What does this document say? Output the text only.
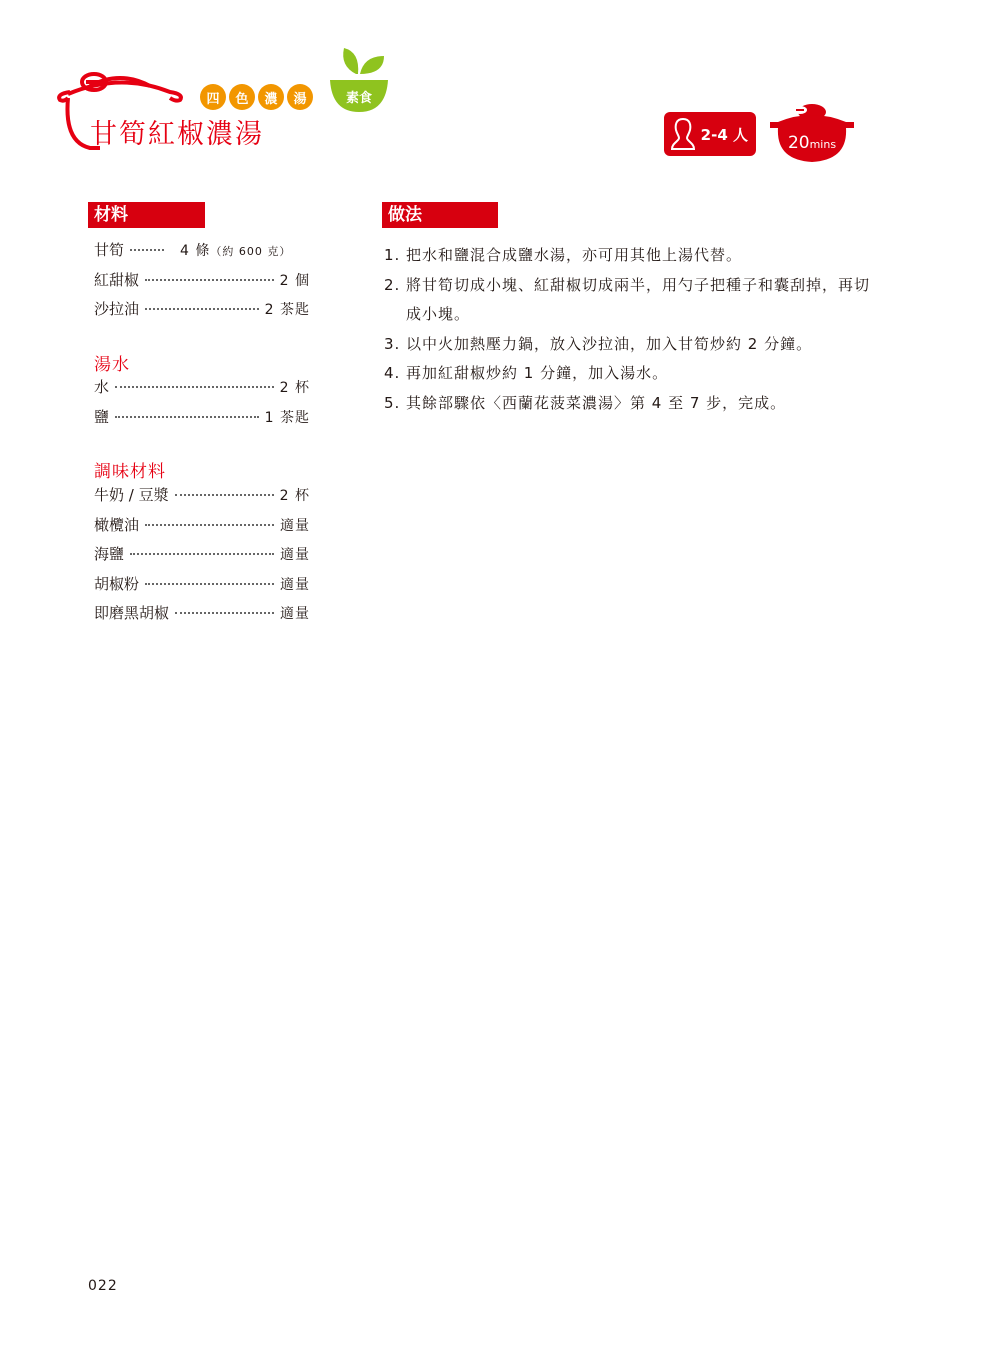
四	色	濃	湯	素食
甘筍紅椒濃湯	2-4 人	20mins
材料	做法
甘筍	4 條 （約 600 克）
紅甜椒	2 個
沙拉油	2 茶匙
湯水
水	2 杯
鹽	1 茶匙
調味材料
牛奶 / 豆漿	2 杯
橄欖油	適量
海鹽	適量
胡椒粉	適量
即磨黑胡椒	適量
1. 把水和鹽混合成鹽水湯，亦可用其他上湯代替。
2. 將甘筍切成小塊、紅甜椒切成兩半，用勺子把種子和囊刮掉，再切成小塊。
3. 以中火加熱壓力鍋，放入沙拉油，加入甘筍炒約 2 分鐘。
4. 再加紅甜椒炒約 1 分鐘，加入湯水。
5. 其餘部驟依〈西蘭花菠菜濃湯〉第 4 至 7 步，完成。
022
